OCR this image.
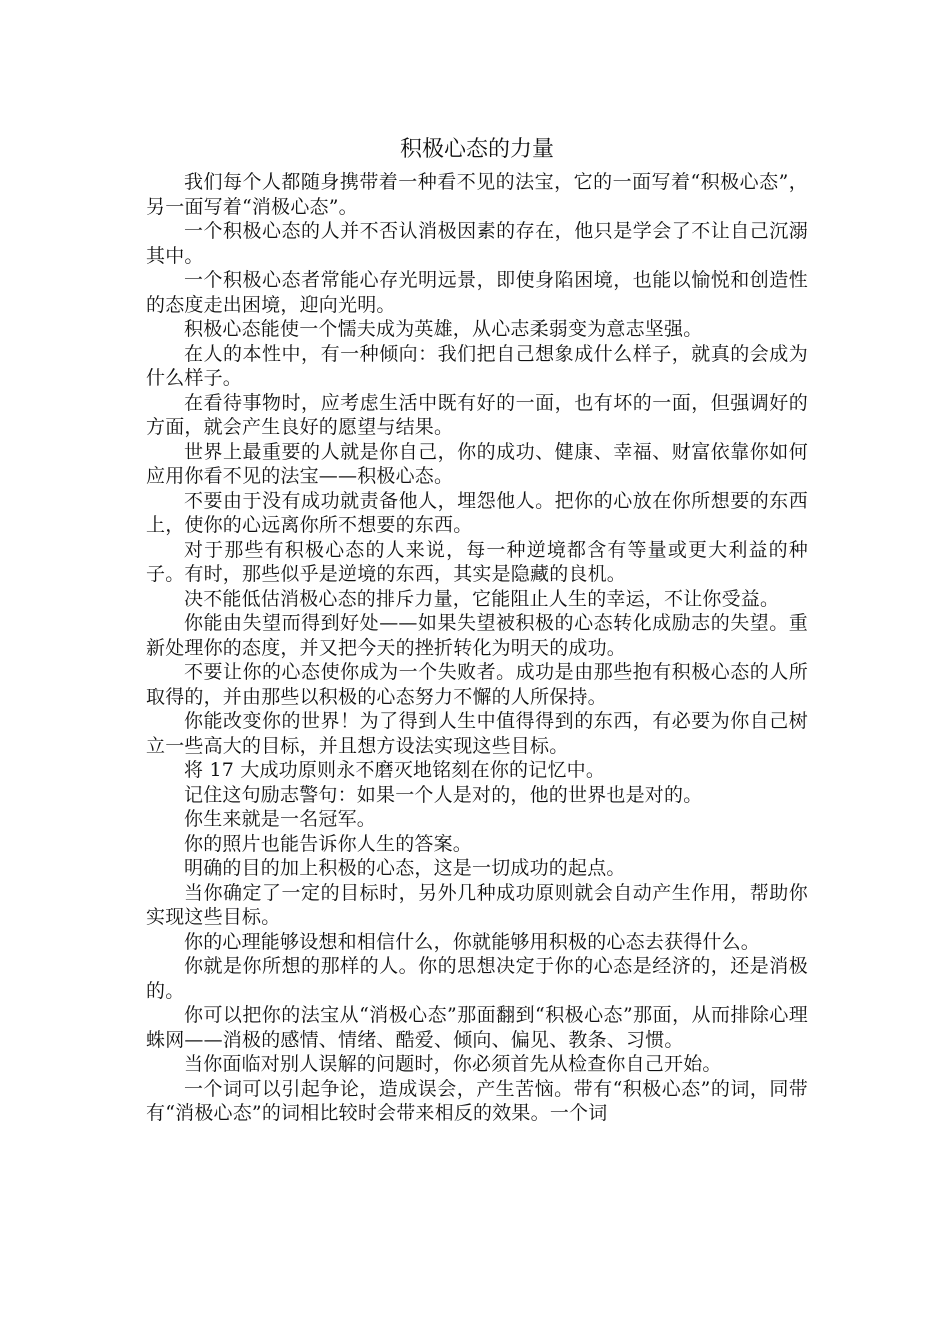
积极心态的力量

我们每个人都随身携带着一种看不见的法宝，它的一面写着“积极心态”，另一面写着“消极心态”。

一个积极心态的人并不否认消极因素的存在，他只是学会了不让自己沉溺其中。

一个积极心态者常能心存光明远景，即使身陷困境，也能以愉悦和创造性的态度走出困境，迎向光明。

积极心态能使一个懦夫成为英雄，从心志柔弱变为意志坚强。

在人的本性中，有一种倾向：我们把自己想象成什么样子，就真的会成为什么样子。

在看待事物时，应考虑生活中既有好的一面，也有坏的一面，但强调好的方面，就会产生良好的愿望与结果。

世界上最重要的人就是你自己，你的成功、健康、幸福、财富依靠你如何应用你看不见的法宝——积极心态。

不要由于没有成功就责备他人，埋怨他人。把你的心放在你所想要的东西上，使你的心远离你所不想要的东西。

对于那些有积极心态的人来说，每一种逆境都含有等量或更大利益的种子。有时，那些似乎是逆境的东西，其实是隐藏的良机。

决不能低估消极心态的排斥力量，它能阻止人生的幸运，不让你受益。

你能由失望而得到好处——如果失望被积极的心态转化成励志的失望。重新处理你的态度，并又把今天的挫折转化为明天的成功。

不要让你的心态使你成为一个失败者。成功是由那些抱有积极心态的人所取得的，并由那些以积极的心态努力不懈的人所保持。

你能改变你的世界！为了得到人生中值得得到的东西，有必要为你自己树立一些高大的目标，并且想方设法实现这些目标。

将 17 大成功原则永不磨灭地铭刻在你的记忆中。

记住这句励志警句：如果一个人是对的，他的世界也是对的。

你生来就是一名冠军。

你的照片也能告诉你人生的答案。

明确的目的加上积极的心态，这是一切成功的起点。

当你确定了一定的目标时，另外几种成功原则就会自动产生作用，帮助你实现这些目标。

你的心理能够设想和相信什么，你就能够用积极的心态去获得什么。

你就是你所想的那样的人。你的思想决定于你的心态是经济的，还是消极的。

你可以把你的法宝从“消极心态”那面翻到“积极心态”那面，从而排除心理蛛网——消极的感情、情绪、酷爱、倾向、偏见、教条、习惯。

当你面临对别人误解的问题时，你必须首先从检查你自己开始。

一个词可以引起争论，造成误会，产生苦恼。带有“积极心态”的词，同带有“消极心态”的词相比较时会带来相反的效果。一个词
